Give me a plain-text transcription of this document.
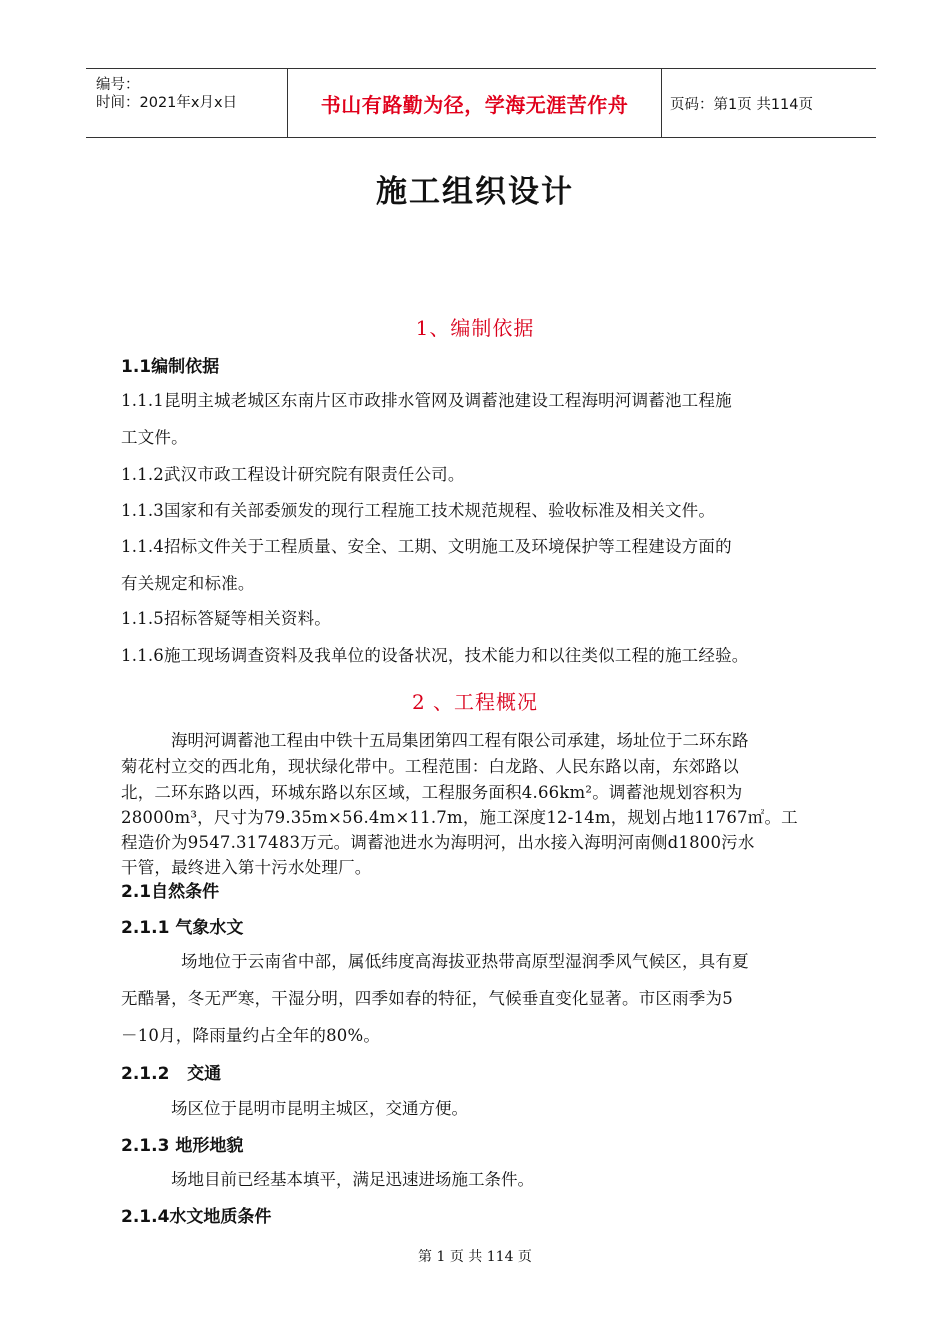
编号：
时间：2021年x月x日	书山有路勤为径，学海无涯苦作舟	页码：第1页 共114页
施工组织设计
1、编制依据
1.1编制依据
1.1.1昆明主城老城区东南片区市政排水管网及调蓄池建设工程海明河调蓄池工程施
工文件。
1.1.2武汉市政工程设计研究院有限责任公司。
1.1.3国家和有关部委颁发的现行工程施工技术规范规程、验收标准及相关文件。
1.1.4招标文件关于工程质量、安全、工期、文明施工及环境保护等工程建设方面的
有关规定和标准。
1.1.5招标答疑等相关资料。
1.1.6施工现场调查资料及我单位的设备状况，技术能力和以往类似工程的施工经验。
2 、工程概况
海明河调蓄池工程由中铁十五局集团第四工程有限公司承建，场址位于二环东路
菊花村立交的西北角，现状绿化带中。工程范围：白龙路、人民东路以南，东郊路以
北，二环东路以西，环城东路以东区域，工程服务面积4.66km²。调蓄池规划容积为
28000m³，尺寸为79.35m×56.4m×11.7m，施工深度12-14m，规划占地11767㎡。工
程造价为9547.317483万元。调蓄池进水为海明河，出水接入海明河南侧d1800污水
干管，最终进入第十污水处理厂。
2.1自然条件
2.1.1 气象水文
场地位于云南省中部，属低纬度高海拔亚热带高原型湿润季风气候区，具有夏
无酷暑，冬无严寒，干湿分明，四季如春的特征，气候垂直变化显著。市区雨季为5
－10月，降雨量约占全年的80%。
2.1.2   交通
场区位于昆明市昆明主城区，交通方便。
2.1.3 地形地貌
场地目前已经基本填平，满足迅速进场施工条件。
2.1.4水文地质条件
第 1 页 共 114 页
